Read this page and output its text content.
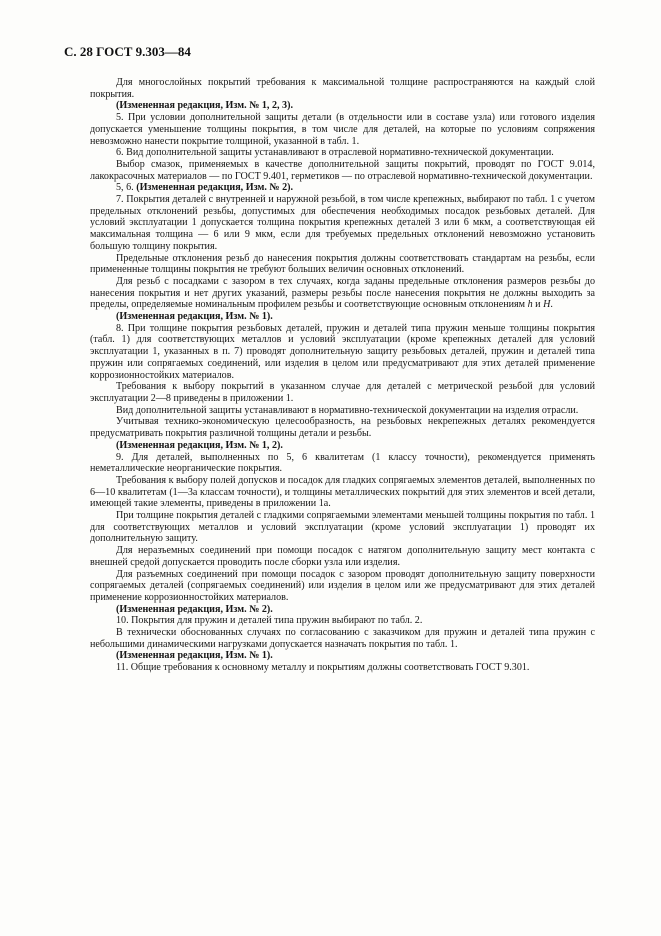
С. 28 ГОСТ 9.303—84

Для многослойных покрытий требования к максимальной толщине распространяются на каждый слой покрытия.

(Измененная редакция, Изм. № 1, 2, 3).

5. При условии дополнительной защиты детали (в отдельности или в составе узла) или готового изделия допускается уменьшение толщины покрытия, в том числе для деталей, на которые по условиям сопряжения невозможно нанести покрытие толщиной, указанной в табл. 1.

6. Вид дополнительной защиты устанавливают в отраслевой нормативно-технической документации.

Выбор смазок, применяемых в качестве дополнительной защиты покрытий, проводят по ГОСТ 9.014, лакокрасочных материалов — по ГОСТ 9.401, герметиков — по отраслевой нормативно-технической документации.

5, 6. (Измененная редакция, Изм. № 2).

7. Покрытия деталей с внутренней и наружной резьбой, в том числе крепежных, выбирают по табл. 1 с учетом предельных отклонений резьбы, допустимых для обеспечения необходимых посадок резьбовых деталей. Для условий эксплуатации 1 допускается толщина покрытия крепежных деталей 3 или 6 мкм, а соответствующая ей максимальная толщина — 6 или 9 мкм, если для требуемых предельных отклонений невозможно установить большую толщину покрытия.

Предельные отклонения резьб до нанесения покрытия должны соответствовать стандартам на резьбы, если примененные толщины покрытия не требуют больших величин основных отклонений.

Для резьб с посадками с зазором в тех случаях, когда заданы предельные отклонения размеров резьбы до нанесения покрытия и нет других указаний, размеры резьбы после нанесения покрытия не должны выходить за пределы, определяемые номинальным профилем резьбы и соответствующие основным отклонениям h и H.

(Измененная редакция, Изм. № 1).

8. При толщине покрытия резьбовых деталей, пружин и деталей типа пружин меньше толщины покрытия (табл. 1) для соответствующих металлов и условий эксплуатации (кроме крепежных деталей для условий эксплуатации 1, указанных в п. 7) проводят дополнительную защиту резьбовых деталей, пружин и деталей типа пружин или сопрягаемых соединений, или изделия в целом или предусматривают для этих деталей применение коррозионностойких материалов.

Требования к выбору покрытий в указанном случае для деталей с метрической резьбой для условий эксплуатации 2—8 приведены в приложении 1.

Вид дополнительной защиты устанавливают в нормативно-технической документации на изделия отрасли.

Учитывая технико-экономическую целесообразность, на резьбовых некрепежных деталях рекомендуется предусматривать покрытия различной толщины детали и резьбы.

(Измененная редакция, Изм. № 1, 2).

9. Для деталей, выполненных по 5, 6 квалитетам (1 классу точности), рекомендуется применять неметаллические неорганические покрытия.

Требования к выбору полей допусков и посадок для гладких сопрягаемых элементов деталей, выполненных по 6—10 квалитетам (1—3а классам точности), и толщины металлических покрытий для этих элементов и всей детали, имеющей такие элементы, приведены в приложении 1а.

При толщине покрытия деталей с гладкими сопрягаемыми элементами меньшей толщины покрытия по табл. 1 для соответствующих металлов и условий эксплуатации (кроме условий эксплуатации 1) проводят их дополнительную защиту.

Для неразъемных соединений при помощи посадок с натягом дополнительную защиту мест контакта с внешней средой допускается проводить после сборки узла или изделия.

Для разъемных соединений при помощи посадок с зазором проводят дополнительную защиту поверхности сопрягаемых деталей (сопрягаемых соединений) или изделия в целом или же предусматривают для этих деталей применение коррозионностойких материалов.

(Измененная редакция, Изм. № 2).

10. Покрытия для пружин и деталей типа пружин выбирают по табл. 2.

В технически обоснованных случаях по согласованию с заказчиком для пружин и деталей типа пружин с небольшими динамическими нагрузками допускается назначать покрытия по табл. 1.

(Измененная редакция, Изм. № 1).

11. Общие требования к основному металлу и покрытиям должны соответствовать ГОСТ 9.301.
